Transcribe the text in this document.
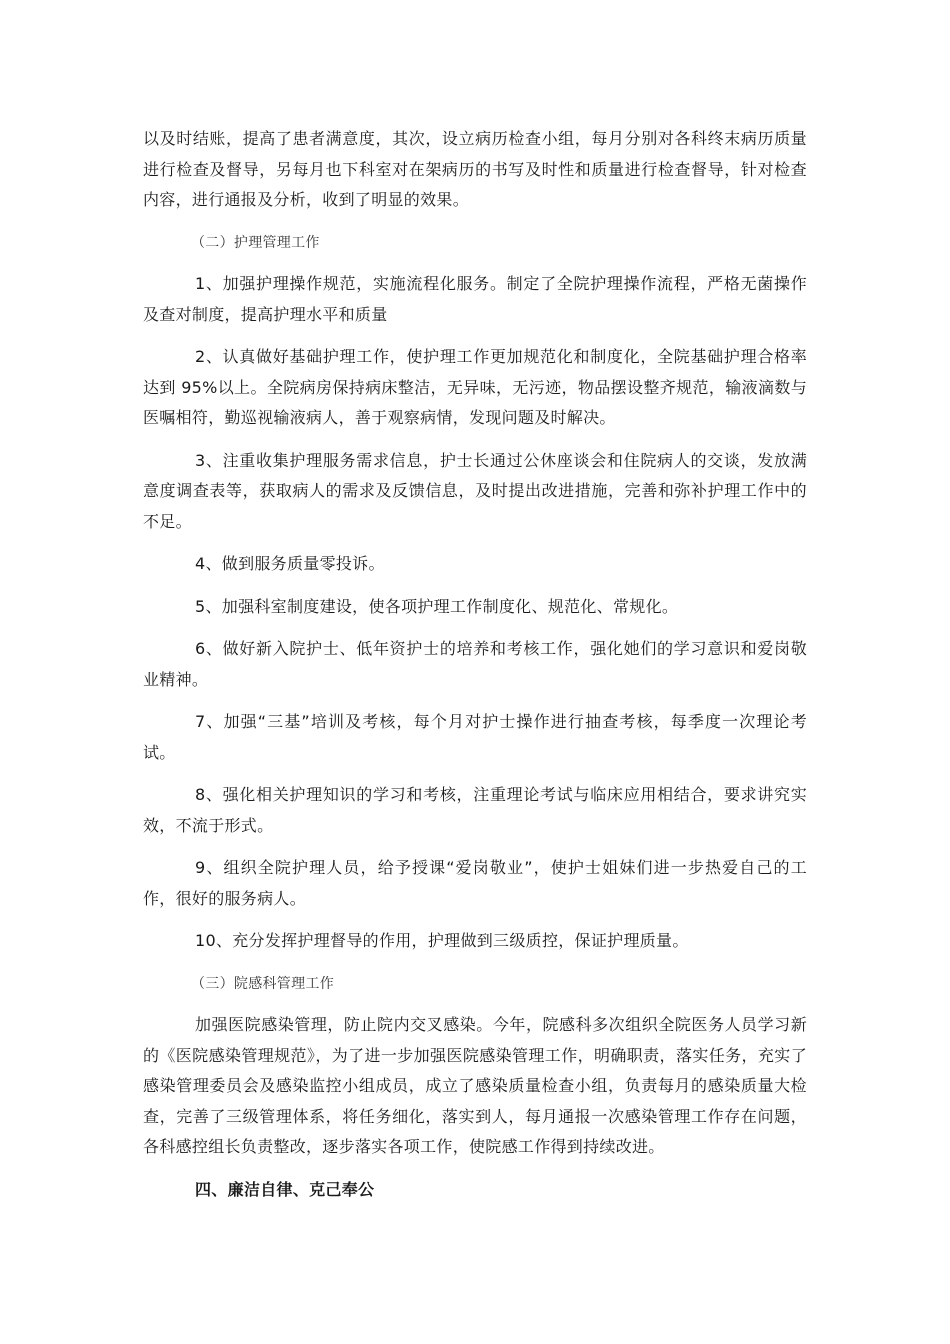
以及时结账，提高了患者满意度，其次，设立病历检查小组，每月分别对各科终末病历质量进行检查及督导，另每月也下科室对在架病历的书写及时性和质量进行检查督导，针对检查内容，进行通报及分析，收到了明显的效果。

（二）护理管理工作

1、加强护理操作规范，实施流程化服务。制定了全院护理操作流程，严格无菌操作及查对制度，提高护理水平和质量

2、认真做好基础护理工作，使护理工作更加规范化和制度化，全院基础护理合格率达到 95%以上。全院病房保持病床整洁，无异味，无污迹，物品摆设整齐规范，输液滴数与医嘱相符，勤巡视输液病人，善于观察病情，发现问题及时解决。

3、注重收集护理服务需求信息，护士长通过公休座谈会和住院病人的交谈，发放满意度调查表等，获取病人的需求及反馈信息，及时提出改进措施，完善和弥补护理工作中的不足。

4、做到服务质量零投诉。

5、加强科室制度建设，使各项护理工作制度化、规范化、常规化。

6、做好新入院护士、低年资护士的培养和考核工作，强化她们的学习意识和爱岗敬业精神。

7、加强“三基”培训及考核，每个月对护士操作进行抽查考核，每季度一次理论考试。

8、强化相关护理知识的学习和考核，注重理论考试与临床应用相结合，要求讲究实效，不流于形式。

9、组织全院护理人员，给予授课“爱岗敬业”，使护士姐妹们进一步热爱自己的工作，很好的服务病人。

10、充分发挥护理督导的作用，护理做到三级质控，保证护理质量。

（三）院感科管理工作

加强医院感染管理，防止院内交叉感染。今年，院感科多次组织全院医务人员学习新的《医院感染管理规范》，为了进一步加强医院感染管理工作，明确职责，落实任务，充实了感染管理委员会及感染监控小组成员，成立了感染质量检查小组，负责每月的感染质量大检查，完善了三级管理体系，将任务细化，落实到人，每月通报一次感染管理工作存在问题，各科感控组长负责整改，逐步落实各项工作，使院感工作得到持续改进。

四、廉洁自律、克己奉公
